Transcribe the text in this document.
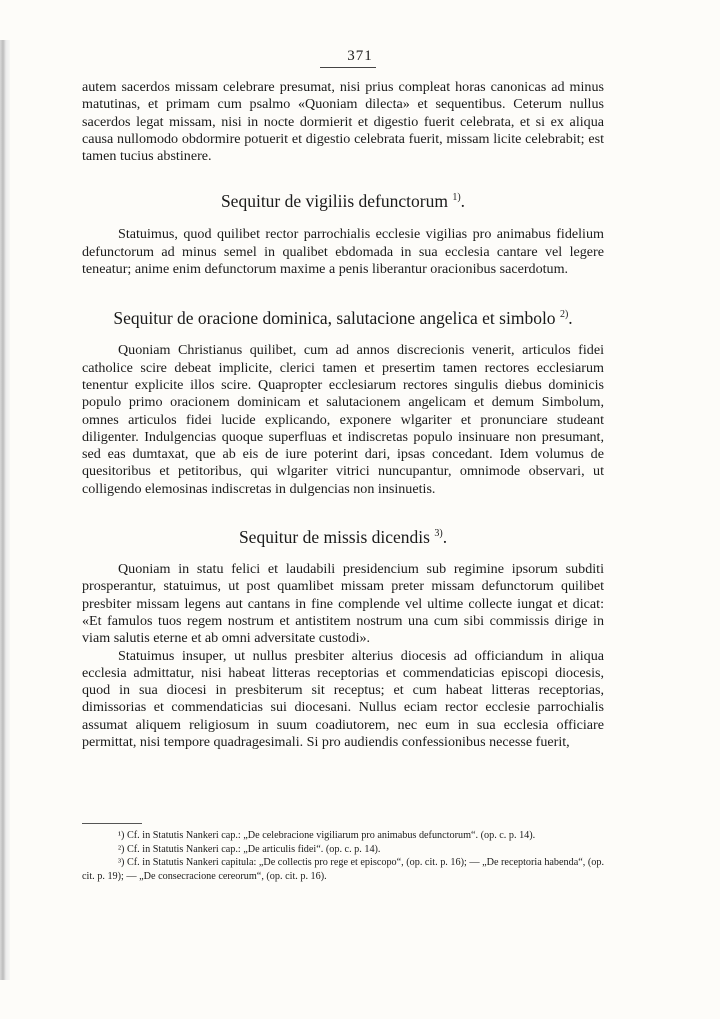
371

autem sacerdos missam celebrare presumat, nisi prius compleat horas canonicas ad minus matutinas, et primam cum psalmo «Quoniam dilecta» et sequentibus. Ceterum nullus sacerdos legat missam, nisi in nocte dormierit et digestio fuerit celebrata, et si ex aliqua causa nullomodo obdormire potuerit et digestio celebrata fuerit, missam licite celebrabit; est tamen tucius abstinere.

Sequitur de vigiliis defunctorum $^{1)}$.

Statuimus, quod quilibet rector parrochialis ecclesie vigilias pro animabus fidelium defunctorum ad minus semel in qualibet ebdomada in sua ecclesia cantare vel legere teneatur; anime enim defunctorum maxime a penis liberantur oracionibus sacerdotum.

Sequitur de oracione dominica, salutacione angelica et simbolo $^{2)}$.

Quoniam Christianus quilibet, cum ad annos discrecionis venerit, articulos fidei catholice scire debeat implicite, clerici tamen et presertim tamen rectores ecclesiarum tenentur explicite illos scire. Quapropter ecclesiarum rectores singulis diebus dominicis populo primo oracionem dominicam et salutacionem angelicam et demum Simbolum, omnes articulos fidei lucide explicando, exponere wlgariter et pronunciare studeant diligenter. Indulgencias quoque superfluas et indiscretas populo insinuare non presumant, sed eas dumtaxat, que ab eis de iure poterint dari, ipsas concedant. Idem volumus de quesitoribus et petitoribus, qui wlgariter vitrici nuncupantur, omnimode observari, ut colligendo elemosinas indiscretas in dulgencias non insinuetis.

Sequitur de missis dicendis $^{3)}$.

Quoniam in statu felici et laudabili presidencium sub regimine ipsorum subditi prosperantur, statuimus, ut post quamlibet missam preter missam defunctorum quilibet presbiter missam legens aut cantans in fine complende vel ultime collecte iungat et dicat: «Et famulos tuos regem nostrum et antistitem nostrum una cum sibi commissis dirige in viam salutis eterne et ab omni adversitate custodi».

Statuimus insuper, ut nullus presbiter alterius diocesis ad officiandum in aliqua ecclesia admittatur, nisi habeat litteras receptorias et commendaticias episcopi diocesis, quod in sua diocesi in presbiterum sit receptus; et cum habeat litteras receptorias, dimissorias et commendaticias sui diocesani. Nullus eciam rector ecclesie parrochialis assumat aliquem religiosum in suum coadiutorem, nec eum in sua ecclesia officiare permittat, nisi tempore quadragesimali. Si pro audiendis confessionibus necesse fuerit,

¹) Cf. in Statutis Nankeri cap.: „De celebracione vigiliarum pro animabus defunctorum“. (op. c. p. 14).

²) Cf. in Statutis Nankeri cap.: „De articulis fidei“. (op. c. p. 14).

³) Cf. in Statutis Nankeri capitula: „De collectis pro rege et episcopo“, (op. cit. p. 16); — „De receptoria habenda“, (op. cit. p. 19); — „De consecracione cereorum“, (op. cit. p. 16).
